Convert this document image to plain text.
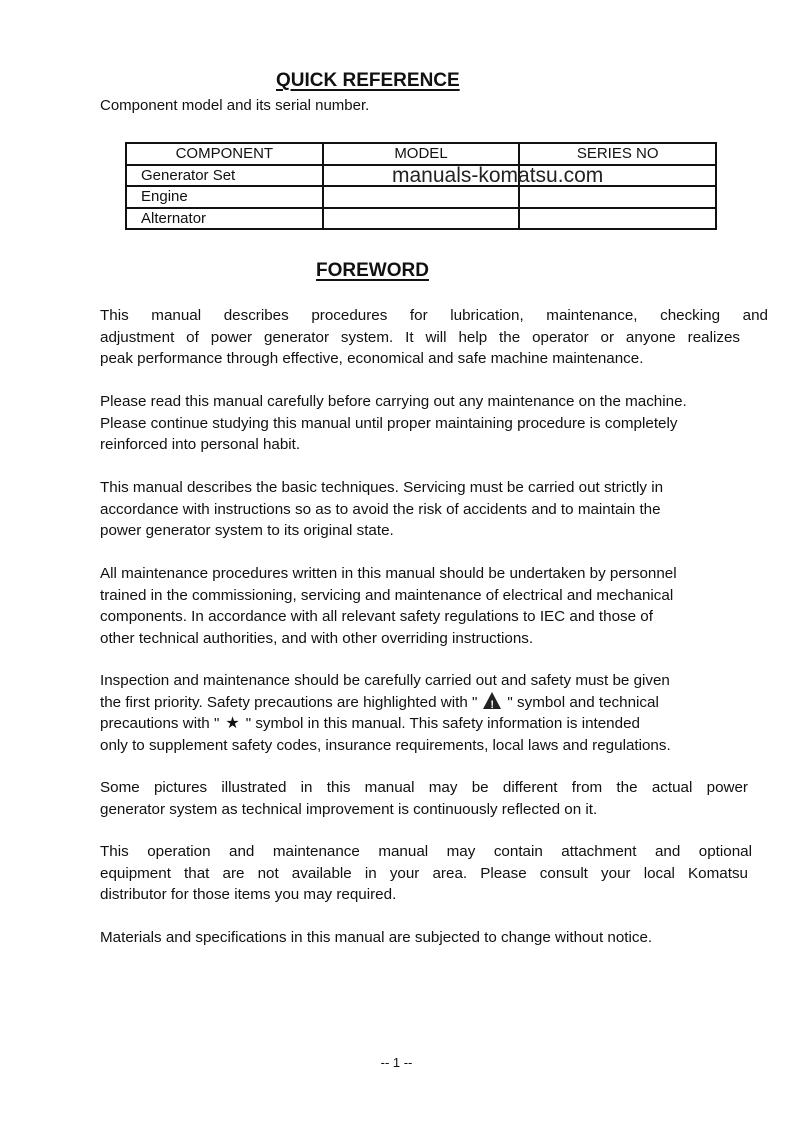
QUICK REFERENCE
Component model and its serial number.
COMPONENT	MODEL	SERIES NO
Generator Set		
Engine		
Alternator		
manuals-komatsu.com
FOREWORD
This manual describes procedures for lubrication, maintenance, checking and
adjustment of power generator system. It will help the operator or anyone realizes
peak performance through effective, economical and safe machine maintenance.
Please read this manual carefully before carrying out any maintenance on the machine.
Please continue studying this manual until proper maintaining procedure is completely
reinforced into personal habit.
This manual describes the basic techniques. Servicing must be carried out strictly in
accordance with instructions so as to avoid the risk of accidents and to maintain the
power generator system to its original state.
All maintenance procedures written in this manual should be undertaken by personnel
trained in the commissioning, servicing and maintenance of electrical and mechanical
components. In accordance with all relevant safety regulations to IEC and those of
other technical authorities, and with other overriding instructions.
Inspection and maintenance should be carefully carried out and safety must be given
the first priority. Safety precautions are highlighted with " ! " symbol and technical
precautions with " ★ " symbol in this manual. This safety information is intended
only to supplement safety codes, insurance requirements, local laws and regulations.
Some pictures illustrated in this manual may be different from the actual power
generator system as technical improvement is continuously reflected on it.
This operation and maintenance manual may contain attachment and optional
equipment that are not available in your area. Please consult your local Komatsu
distributor for those items you may required.
Materials and specifications in this manual are subjected to change without notice.
-- 1 --
